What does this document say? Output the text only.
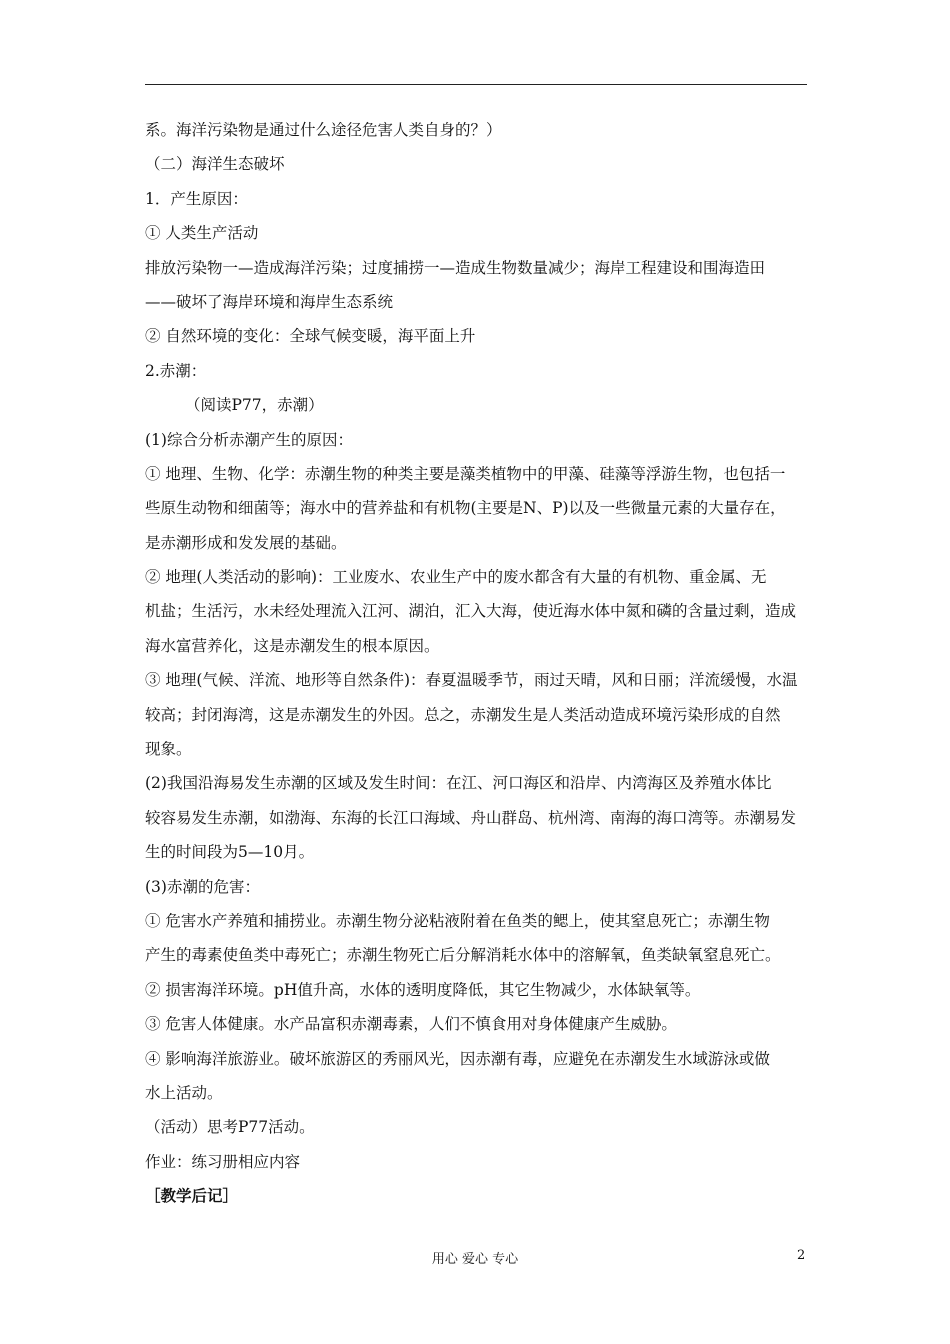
系。海洋污染物是通过什么途径危害人类自身的？）
（二）海洋生态破坏
1．产生原因：
① 人类生产活动
排放污染物一—造成海洋污染；过度捕捞一—造成生物数量减少；海岸工程建设和围海造田
——破坏了海岸环境和海岸生态系统
② 自然环境的变化：全球气候变暖，海平面上升
2.赤潮：
（阅读P77，赤潮）
(1)综合分析赤潮产生的原因：
① 地理、生物、化学：赤潮生物的种类主要是藻类植物中的甲藻、硅藻等浮游生物，也包括一
些原生动物和细菌等；海水中的营养盐和有机物(主要是N、P)以及一些微量元素的大量存在，
是赤潮形成和发发展的基础。
② 地理(人类活动的影响)：工业废水、农业生产中的废水都含有大量的有机物、重金属、无
机盐；生活污，水未经处理流入江河、湖泊，汇入大海，使近海水体中氮和磷的含量过剩，造成
海水富营养化，这是赤潮发生的根本原因。
③ 地理(气候、洋流、地形等自然条件)：春夏温暖季节，雨过天晴，风和日丽；洋流缓慢，水温
较高；封闭海湾，这是赤潮发生的外因。总之，赤潮发生是人类活动造成环境污染形成的自然
现象。
(2)我国沿海易发生赤潮的区域及发生时间：在江、河口海区和沿岸、内湾海区及养殖水体比
较容易发生赤潮，如渤海、东海的长江口海域、舟山群岛、杭州湾、南海的海口湾等。赤潮易发
生的时间段为5—10月。
(3)赤潮的危害：
① 危害水产养殖和捕捞业。赤潮生物分泌粘液附着在鱼类的鳃上，使其窒息死亡；赤潮生物
产生的毒素使鱼类中毒死亡；赤潮生物死亡后分解消耗水体中的溶解氧，鱼类缺氧窒息死亡。
② 损害海洋环境。pH值升高，水体的透明度降低，其它生物减少，水体缺氧等。
③ 危害人体健康。水产品富积赤潮毒素，人们不慎食用对身体健康产生威胁。
④ 影响海洋旅游业。破坏旅游区的秀丽风光，因赤潮有毒，应避免在赤潮发生水域游泳或做
水上活动。
（活动）思考P77活动。
作业：练习册相应内容
［教学后记］
用心 爱心 专心	2
